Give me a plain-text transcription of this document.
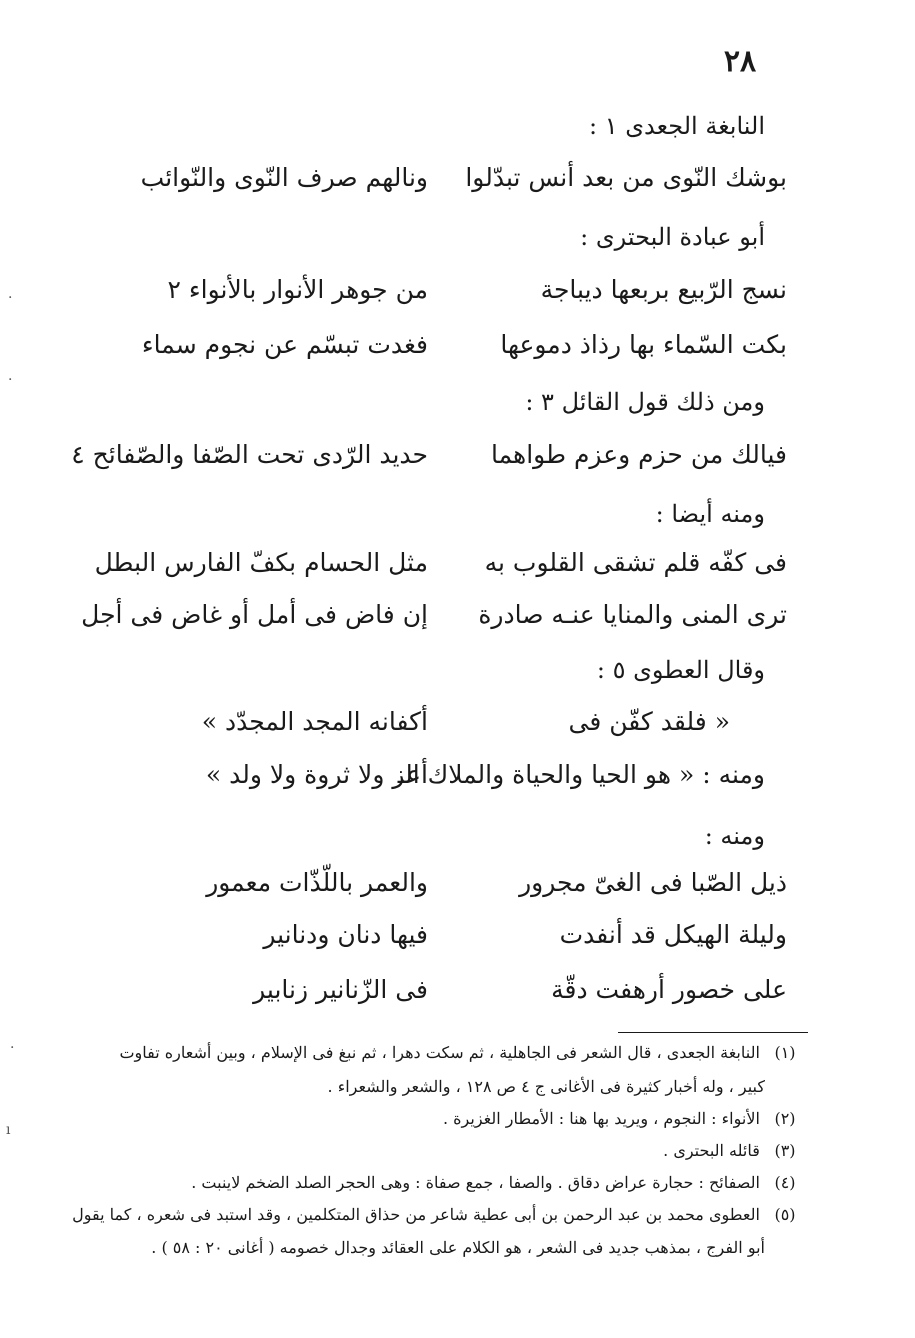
٢٨
النابغة الجعدى ١ :
أبو عبادة البحترى :
ومن ذلك قول القائل ٣ :
ومنه أيضا :
وقال العطوى ٥ :
ومنه :
بوشك النّوى من بعد أنس تبدّلوا
ونالهم صرف النّوى والنّوائب
نسج الرّبيع بربعها ديباجة
من جوهر الأنوار بالأنواء ٢
بكت السّماء بها رذاذ دموعها
فغدت تبسّم عن نجوم سماء
فيالك من حزم وعزم طواهما
حديد الرّدى تحت الصّفا والصّفائح ٤
فى كفّه قلم تشقى القلوب به
مثل الحسام بكفّ الفارس البطل
ترى المنى والمنايا عنـه صادرة
إن فاض فى أمل أو غاض فى أجل
« فلقد كفّن فى
أكفانه المجد المجدّد »
ومنه : « هو الحيا والحياة والملاك الـ
أعز ولا ثروة ولا ولد »
ذيل الصّبا فى الغىّ مجرور
والعمر باللّذّات معمور
وليلة الهيكل قد أنفدت
فيها دنان ودنانير
على خصور أرهفت دقّة
فى الزّنانير زنابير
(١) النابغة الجعدى ، قال الشعر فى الجاهلية ، ثم سكت دهرا ، ثم نبغ فى الإسلام ، وبين أشعاره تفاوت
كبير ، وله أخبار كثيرة فى الأغانى ج ٤ ص ١٢٨ ، والشعر والشعراء .
(٢) الأنواء : النجوم ، ويريد بها هنا : الأمطار الغزيرة .
(٣) قائله البحترى .
(٤) الصفائح : حجارة عراض دقاق . والصفا ، جمع صفاة : وهى الحجر الصلد الضخم لاينبت .
(٥) العطوى محمد بن عبد الرحمن بن أبى عطية شاعر من حذاق المتكلمين ، وقد استبد فى شعره ، كما يقول
أبو الفرج ، بمذهب جديد فى الشعر ، هو الكلام على العقائد وجدال خصومه ( أغانى ٢٠ : ٥٨ ) .
·
·
·
ı
